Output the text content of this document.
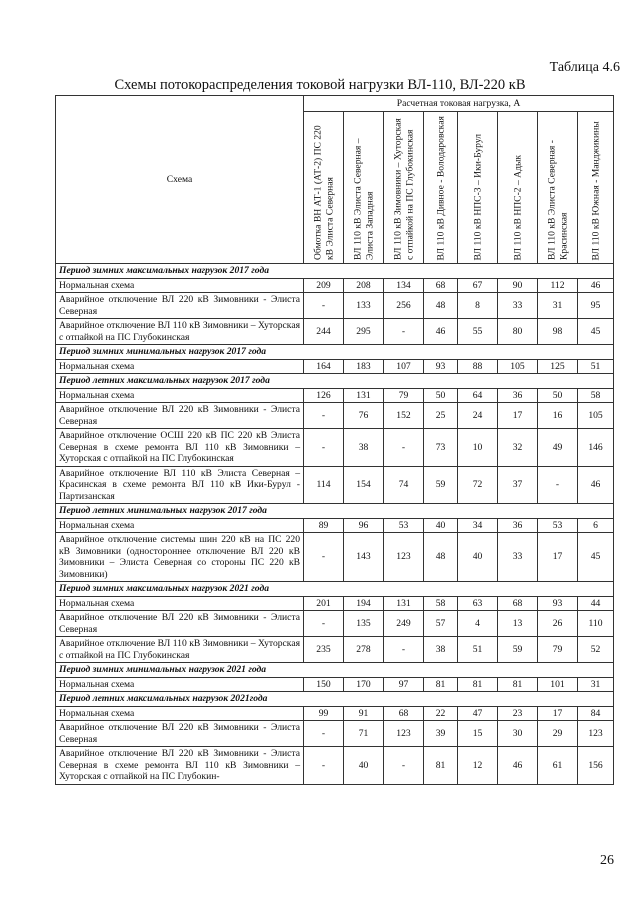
Таблица 4.6
Схемы потокораспределения токовой нагрузки ВЛ-110, ВЛ-220 кВ
Схема	Расчетная токовая нагрузка, А							

	Обмотка ВН АТ-1 (АТ-2) ПС 220 кВ Элиста Северная	ВЛ 110 кВ Элиста Северная – Элиста Западная	ВЛ 110 кВ Зимовники – Хуторская с отпайкой на ПС Глубокинская	ВЛ 110 кВ Дивное - Володаровская	ВЛ 110 кВ НПС-3 – Ики-Бурул	ВЛ 110 кВ НПС-2 – Адык	ВЛ 110 кВ Элиста Северная - Красинская	ВЛ 110 кВ Южная - Манджикины

Период зимних максимальных нагрузок 2017 года								
Нормальная схема	209	208	134	68	67	90	112	46
Аварийное отключение ВЛ 220 кВ Зимовники - Элиста Северная	-	133	256	48	8	33	31	95
Аварийное отключение ВЛ 110 кВ Зимовники – Хуторская с отпайкой на ПС Глубокинская	244	295	-	46	55	80	98	45
Период зимних минимальных нагрузок 2017 года								
Нормальная схема	164	183	107	93	88	105	125	51
Период летних максимальных нагрузок 2017 года								
Нормальная схема	126	131	79	50	64	36	50	58
Аварийное отключение ВЛ 220 кВ Зимовники - Элиста Северная	-	76	152	25	24	17	16	105
Аварийное отключение ОСШ 220 кВ ПС 220 кВ Элиста Северная в схеме ремонта ВЛ 110 кВ Зимовники – Хуторская с отпайкой на ПС Глубокинская	-	38	-	73	10	32	49	146
Аварийное отключение ВЛ 110 кВ Элиста Северная – Красинская в схеме ремонта ВЛ 110 кВ Ики-Бурул - Партизанская	114	154	74	59	72	37	-	46
Период летних минимальных нагрузок 2017 года								
Нормальная схема	89	96	53	40	34	36	53	6
Аварийное отключение системы шин 220 кВ на ПС 220 кВ Зимовники (одностороннее отключение ВЛ 220 кВ Зимовники – Элиста Северная со стороны ПС 220 кВ Зимовники)	-	143	123	48	40	33	17	45
Период зимних максимальных нагрузок 2021 года								
Нормальная схема	201	194	131	58	63	68	93	44
Аварийное отключение ВЛ 220 кВ Зимовники - Элиста Северная	-	135	249	57	4	13	26	110
Аварийное отключение ВЛ 110 кВ Зимовники – Хуторская с отпайкой на ПС Глубокинская	235	278	-	38	51	59	79	52
Период зимних минимальных нагрузок 2021 года								
Нормальная схема	150	170	97	81	81	81	101	31
Период летних максимальных нагрузок 2021года								
Нормальная схема	99	91	68	22	47	23	17	84
Аварийное отключение ВЛ 220 кВ Зимовники - Элиста Северная	-	71	123	39	15	30	29	123
Аварийное отключение ВЛ 220 кВ Зимовники - Элиста Северная в схеме ремонта ВЛ 110 кВ Зимовники – Хуторская с отпайкой на ПС Глубокин-	-	40	-	81	12	46	61	156
26
